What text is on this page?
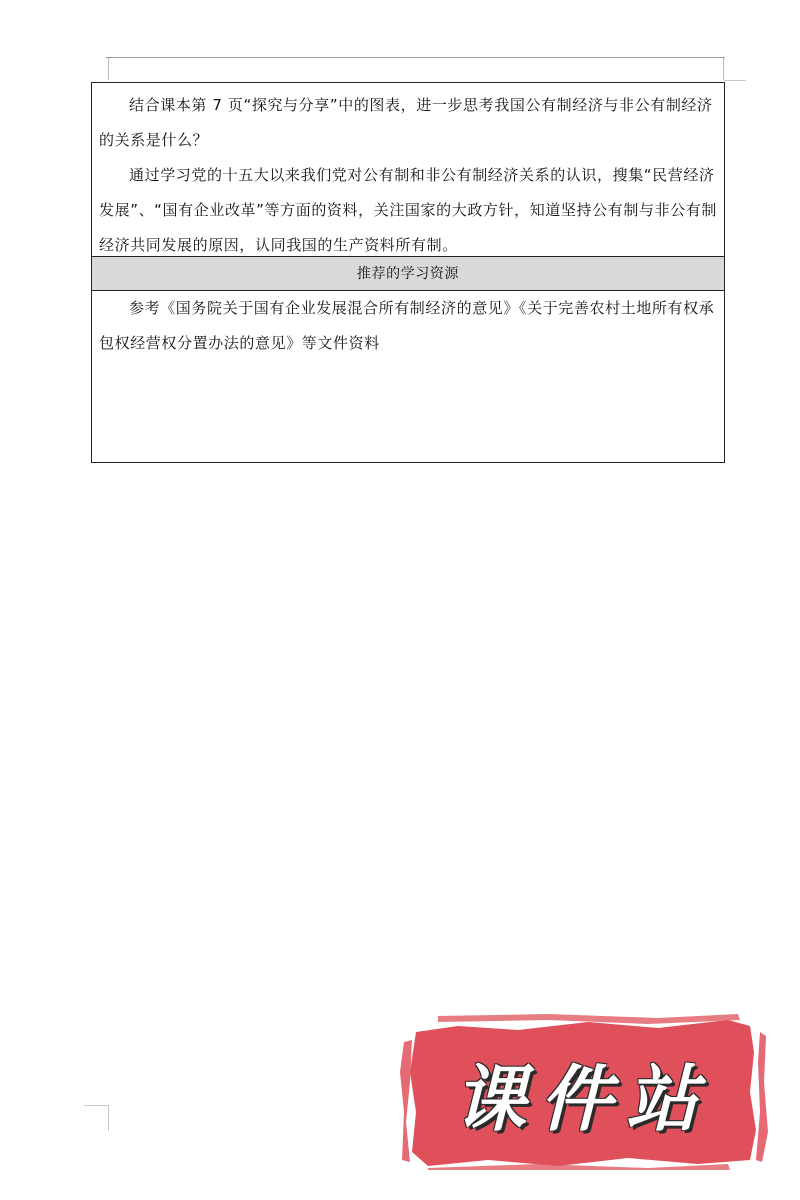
结合课本第 7 页“探究与分享”中的图表，进一步思考我国公有制经济与非公有制经济的关系是什么？

通过学习党的十五大以来我们党对公有制和非公有制经济关系的认识，搜集“民营经济发展”、“国有企业改革”等方面的资料，关注国家的大政方针，知道坚持公有制与非公有制经济共同发展的原因，认同我国的生产资料所有制。

推荐的学习资源

参考《国务院关于国有企业发展混合所有制经济的意见》《关于完善农村土地所有权承包权经营权分置办法的意见》等文件资料

课件站
